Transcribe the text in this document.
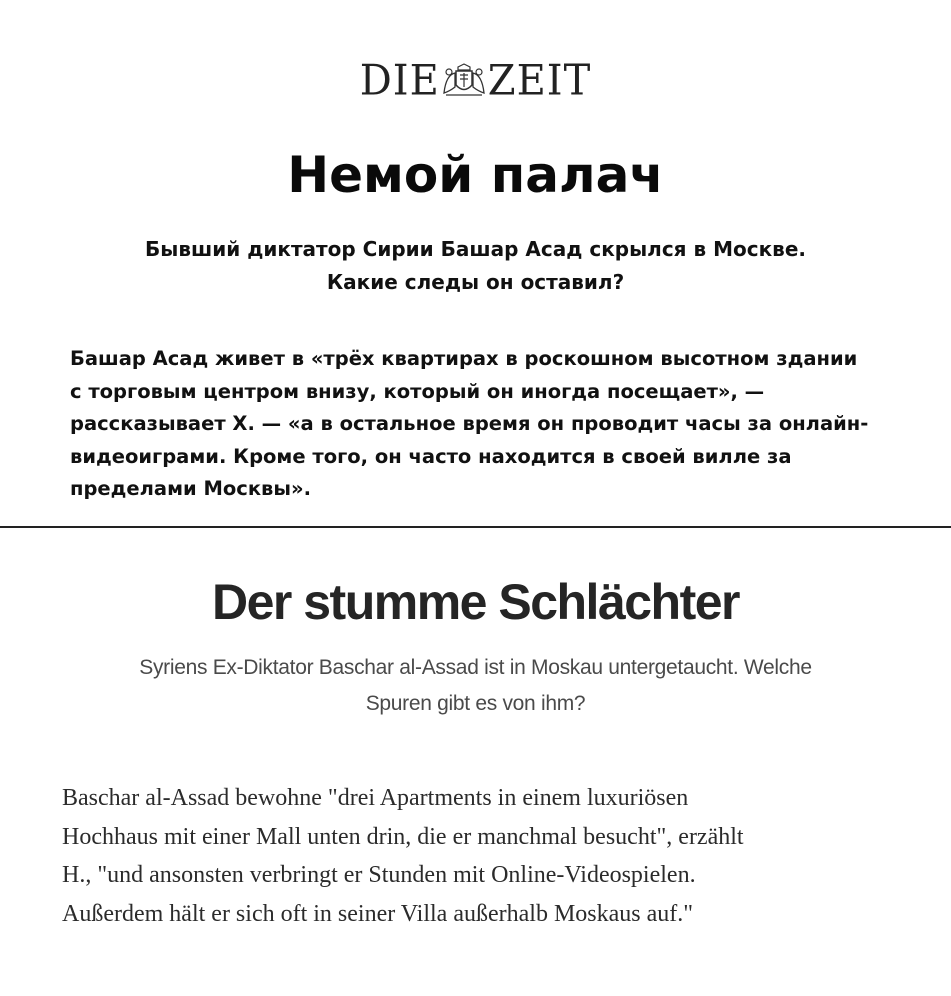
DIE ZEIT
Немой палач
Бывший диктатор Сирии Башар Асад скрылся в Москве.
Какие следы он оставил?
Башар Асад живет в «трёх квартирах в роскошном высотном здании с торговым центром внизу, который он иногда посещает», — рассказывает Х. — «а в остальное время он проводит часы за онлайн-видеоиграми. Кроме того, он часто находится в своей вилле за пределами Москвы».
Der stumme Schlächter
Syriens Ex-Diktator Baschar al-Assad ist in Moskau untergetaucht. Welche
Spuren gibt es von ihm?
Baschar al-Assad bewohne "drei Apartments in einem luxuriösen
Hochhaus mit einer Mall unten drin, die er manchmal besucht", erzählt
H., "und ansonsten verbringt er Stunden mit Online-Videospielen.
Außerdem hält er sich oft in seiner Villa außerhalb Moskaus auf."
